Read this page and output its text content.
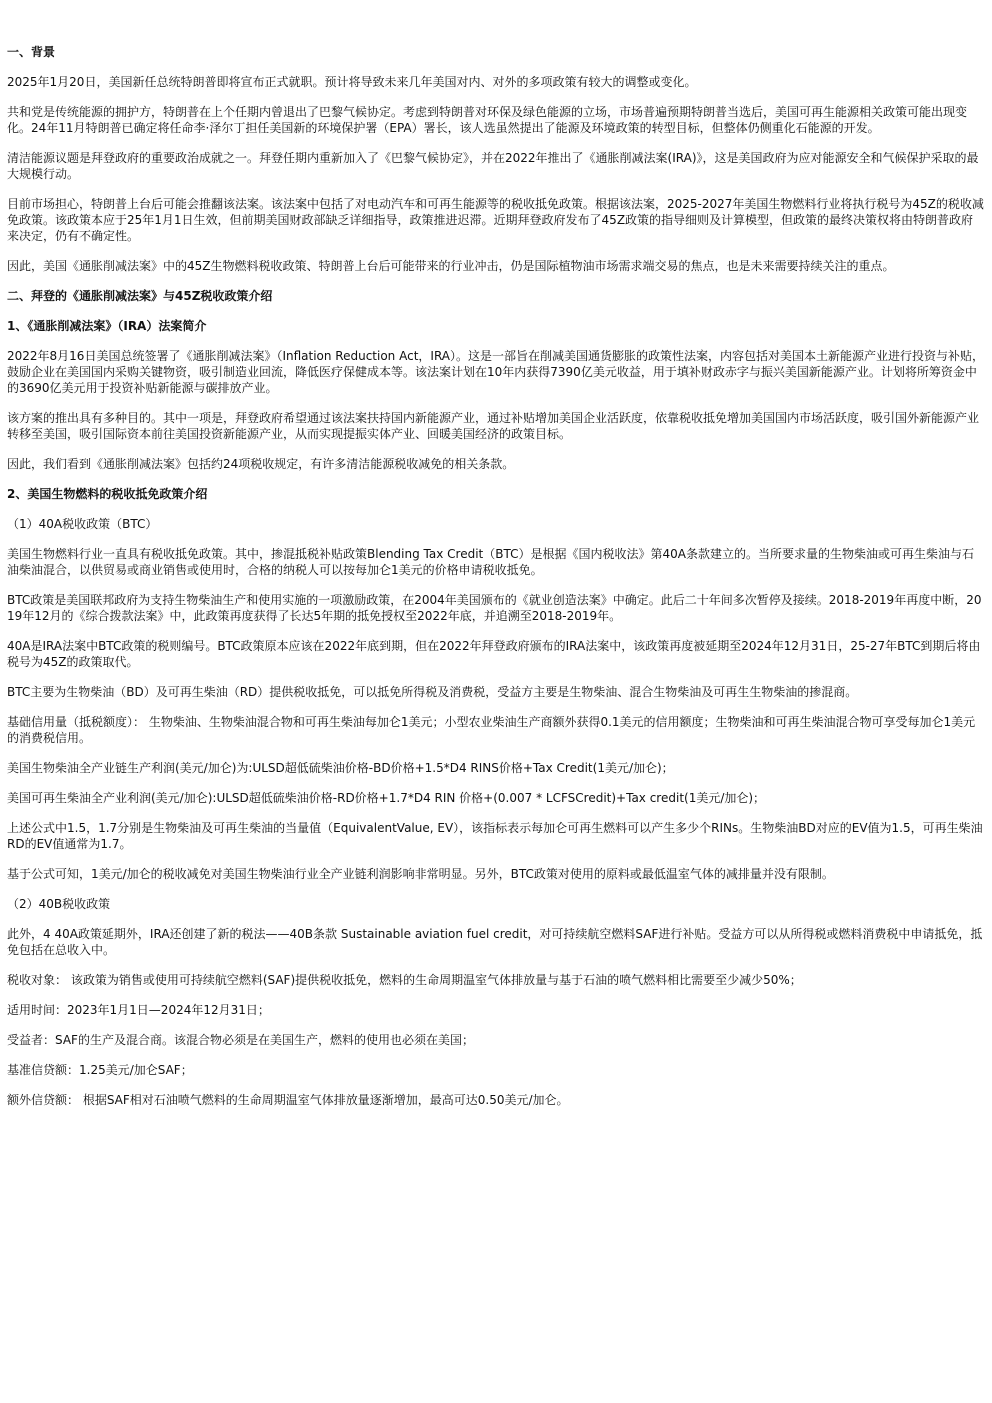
一、背景
2025年1月20日，美国新任总统特朗普即将宣布正式就职。预计将导致未来几年美国对内、对外的多项政策有较大的调整或变化。
共和党是传统能源的拥护方，特朗普在上个任期内曾退出了巴黎气候协定。考虑到特朗普对环保及绿色能源的立场，市场普遍预期特朗普当选后，美国可再生能源相关政策可能出现变化。24年11月特朗普已确定将任命李·泽尔丁担任美国新的环境保护署（EPA）署长，该人选虽然提出了能源及环境政策的转型目标，但整体仍侧重化石能源的开发。
清洁能源议题是拜登政府的重要政治成就之一。拜登任期内重新加入了《巴黎气候协定》，并在2022年推出了《通胀削减法案(IRA)》，这是美国政府为应对能源安全和气候保护采取的最大规模行动。
目前市场担心，特朗普上台后可能会推翻该法案。该法案中包括了对电动汽车和可再生能源等的税收抵免政策。根据该法案，2025-2027年美国生物燃料行业将执行税号为45Z的税收减免政策。该政策本应于25年1月1日生效，但前期美国财政部缺乏详细指导，政策推进迟滞。近期拜登政府发布了45Z政策的指导细则及计算模型，但政策的最终决策权将由特朗普政府来决定，仍有不确定性。
因此，美国《通胀削减法案》中的45Z生物燃料税收政策、特朗普上台后可能带来的行业冲击，仍是国际植物油市场需求端交易的焦点，也是未来需要持续关注的重点。
二、拜登的《通胀削减法案》与45Z税收政策介绍
1、《通胀削减法案》（IRA）法案简介
2022年8月16日美国总统签署了《通胀削减法案》（Inflation Reduction Act，IRA）。这是一部旨在削减美国通货膨胀的政策性法案，内容包括对美国本土新能源产业进行投资与补贴，鼓励企业在美国国内采购关键物资，吸引制造业回流，降低医疗保健成本等。该法案计划在10年内获得7390亿美元收益，用于填补财政赤字与振兴美国新能源产业。计划将所筹资金中的3690亿美元用于投资补贴新能源与碳排放产业。
该方案的推出具有多种目的。其中一项是，拜登政府希望通过该法案扶持国内新能源产业，通过补贴增加美国企业活跃度，依靠税收抵免增加美国国内市场活跃度，吸引国外新能源产业转移至美国，吸引国际资本前往美国投资新能源产业，从而实现提振实体产业、回暖美国经济的政策目标。
因此，我们看到《通胀削减法案》包括约24项税收规定，有许多清洁能源税收减免的相关条款。
2、美国生物燃料的税收抵免政策介绍
（1）40A税收政策（BTC）
美国生物燃料行业一直具有税收抵免政策。其中，掺混抵税补贴政策Blending Tax Credit（BTC）是根据《国内税收法》第40A条款建立的。当所要求量的生物柴油或可再生柴油与石油柴油混合，以供贸易或商业销售或使用时，合格的纳税人可以按每加仑1美元的价格申请税收抵免。
BTC政策是美国联邦政府为支持生物柴油生产和使用实施的一项激励政策，在2004年美国颁布的《就业创造法案》中确定。此后二十年间多次暂停及接续。2018-2019年再度中断，2019年12月的《综合拨款法案》中，此政策再度获得了长达5年期的抵免授权至2022年底，并追溯至2018-2019年。
40A是IRA法案中BTC政策的税则编号。BTC政策原本应该在2022年底到期，但在2022年拜登政府颁布的IRA法案中，该政策再度被延期至2024年12月31日，25-27年BTC到期后将由税号为45Z的政策取代。
BTC主要为生物柴油（BD）及可再生柴油（RD）提供税收抵免，可以抵免所得税及消费税，受益方主要是生物柴油、混合生物柴油及可再生生物柴油的掺混商。
基础信用量（抵税额度）： 生物柴油、生物柴油混合物和可再生柴油每加仑1美元；小型农业柴油生产商额外获得0.1美元的信用额度；生物柴油和可再生柴油混合物可享受每加仑1美元的消费税信用。
美国生物柴油全产业链生产利润(美元/加仑)为:ULSD超低硫柴油价格-BD价格+1.5*D4 RINS价格+Tax Credit(1美元/加仑)；
美国可再生柴油全产业利润(美元/加仑):ULSD超低硫柴油价格-RD价格+1.7*D4 RIN 价格+(0.007 * LCFSCredit)+Tax credit(1美元/加仑)；
上述公式中1.5，1.7分别是生物柴油及可再生柴油的当量值（EquivalentValue, EV），该指标表示每加仑可再生燃料可以产生多少个RINs。生物柴油BD对应的EV值为1.5，可再生柴油RD的EV值通常为1.7。
基于公式可知，1美元/加仑的税收减免对美国生物柴油行业全产业链利润影响非常明显。另外，BTC政策对使用的原料或最低温室气体的减排量并没有限制。
（2）40B税收政策
此外，4 40A政策延期外，IRA还创建了新的税法——40B条款 Sustainable aviation fuel credit，对可持续航空燃料SAF进行补贴。受益方可以从所得税或燃料消费税中申请抵免，抵免包括在总收入中。
税收对象： 该政策为销售或使用可持续航空燃料(SAF)提供税收抵免，燃料的生命周期温室气体排放量与基于石油的喷气燃料相比需要至少减少50%；
适用时间：2023年1月1日—2024年12月31日；
受益者：SAF的生产及混合商。该混合物必须是在美国生产，燃料的使用也必须在美国；
基准信贷额：1.25美元/加仑SAF；
额外信贷额： 根据SAF相对石油喷气燃料的生命周期温室气体排放量逐渐增加，最高可达0.50美元/加仑。
